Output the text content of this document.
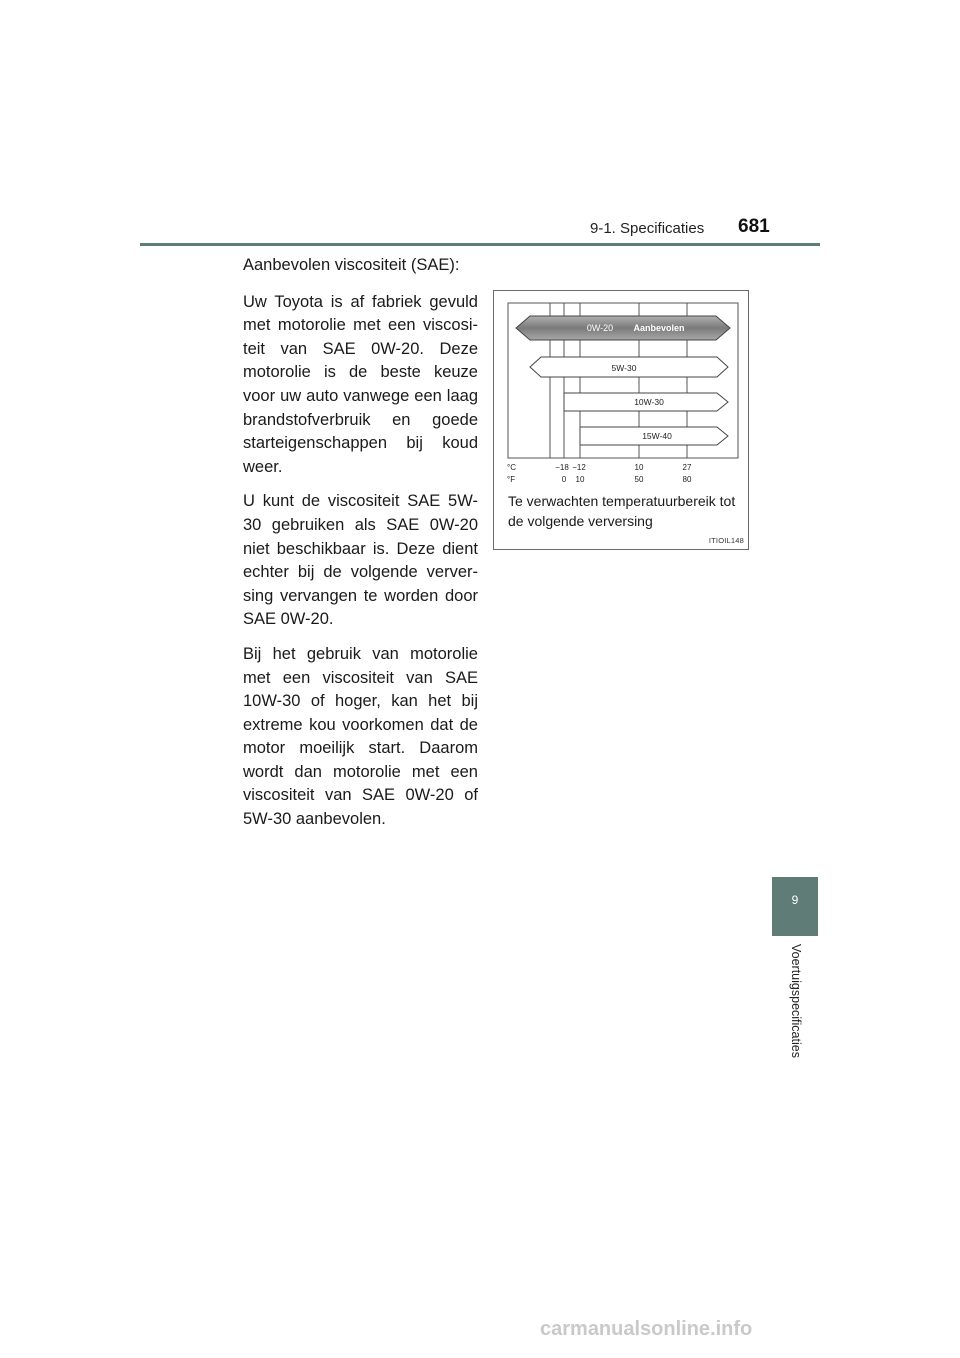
9-1. Specificaties 681

Aanbevolen viscositeit (SAE):

Uw Toyota is af fabriek gevuld met motorolie met een viscosi-teit van SAE 0W-20. Deze motorolie is de beste keuze voor uw auto vanwege een laag brandstofverbruik en goede starteigenschappen bij koud weer.

U kunt de viscositeit SAE 5W-30 gebruiken als SAE 0W-20 niet beschikbaar is. Deze dient echter bij de volgende verver-sing vervangen te worden door SAE 0W-20.

Bij het gebruik van motorolie met een viscositeit van SAE 10W-30 of hoger, kan het bij extreme kou voorkomen dat de motor moeilijk start. Daarom wordt dan motorolie met een viscositeit van SAE 0W-20 of 5W-30 aanbevolen.

0W-20 Aanbevolen
5W-30
10W-30
15W-40
°C
°F
−18 −12	10	27
0 10	50	80
Te verwachten temperatuurbereik tot de volgende verversing
ITIOIL148
9
Voertuigspecificaties
carmanualsonline.info
